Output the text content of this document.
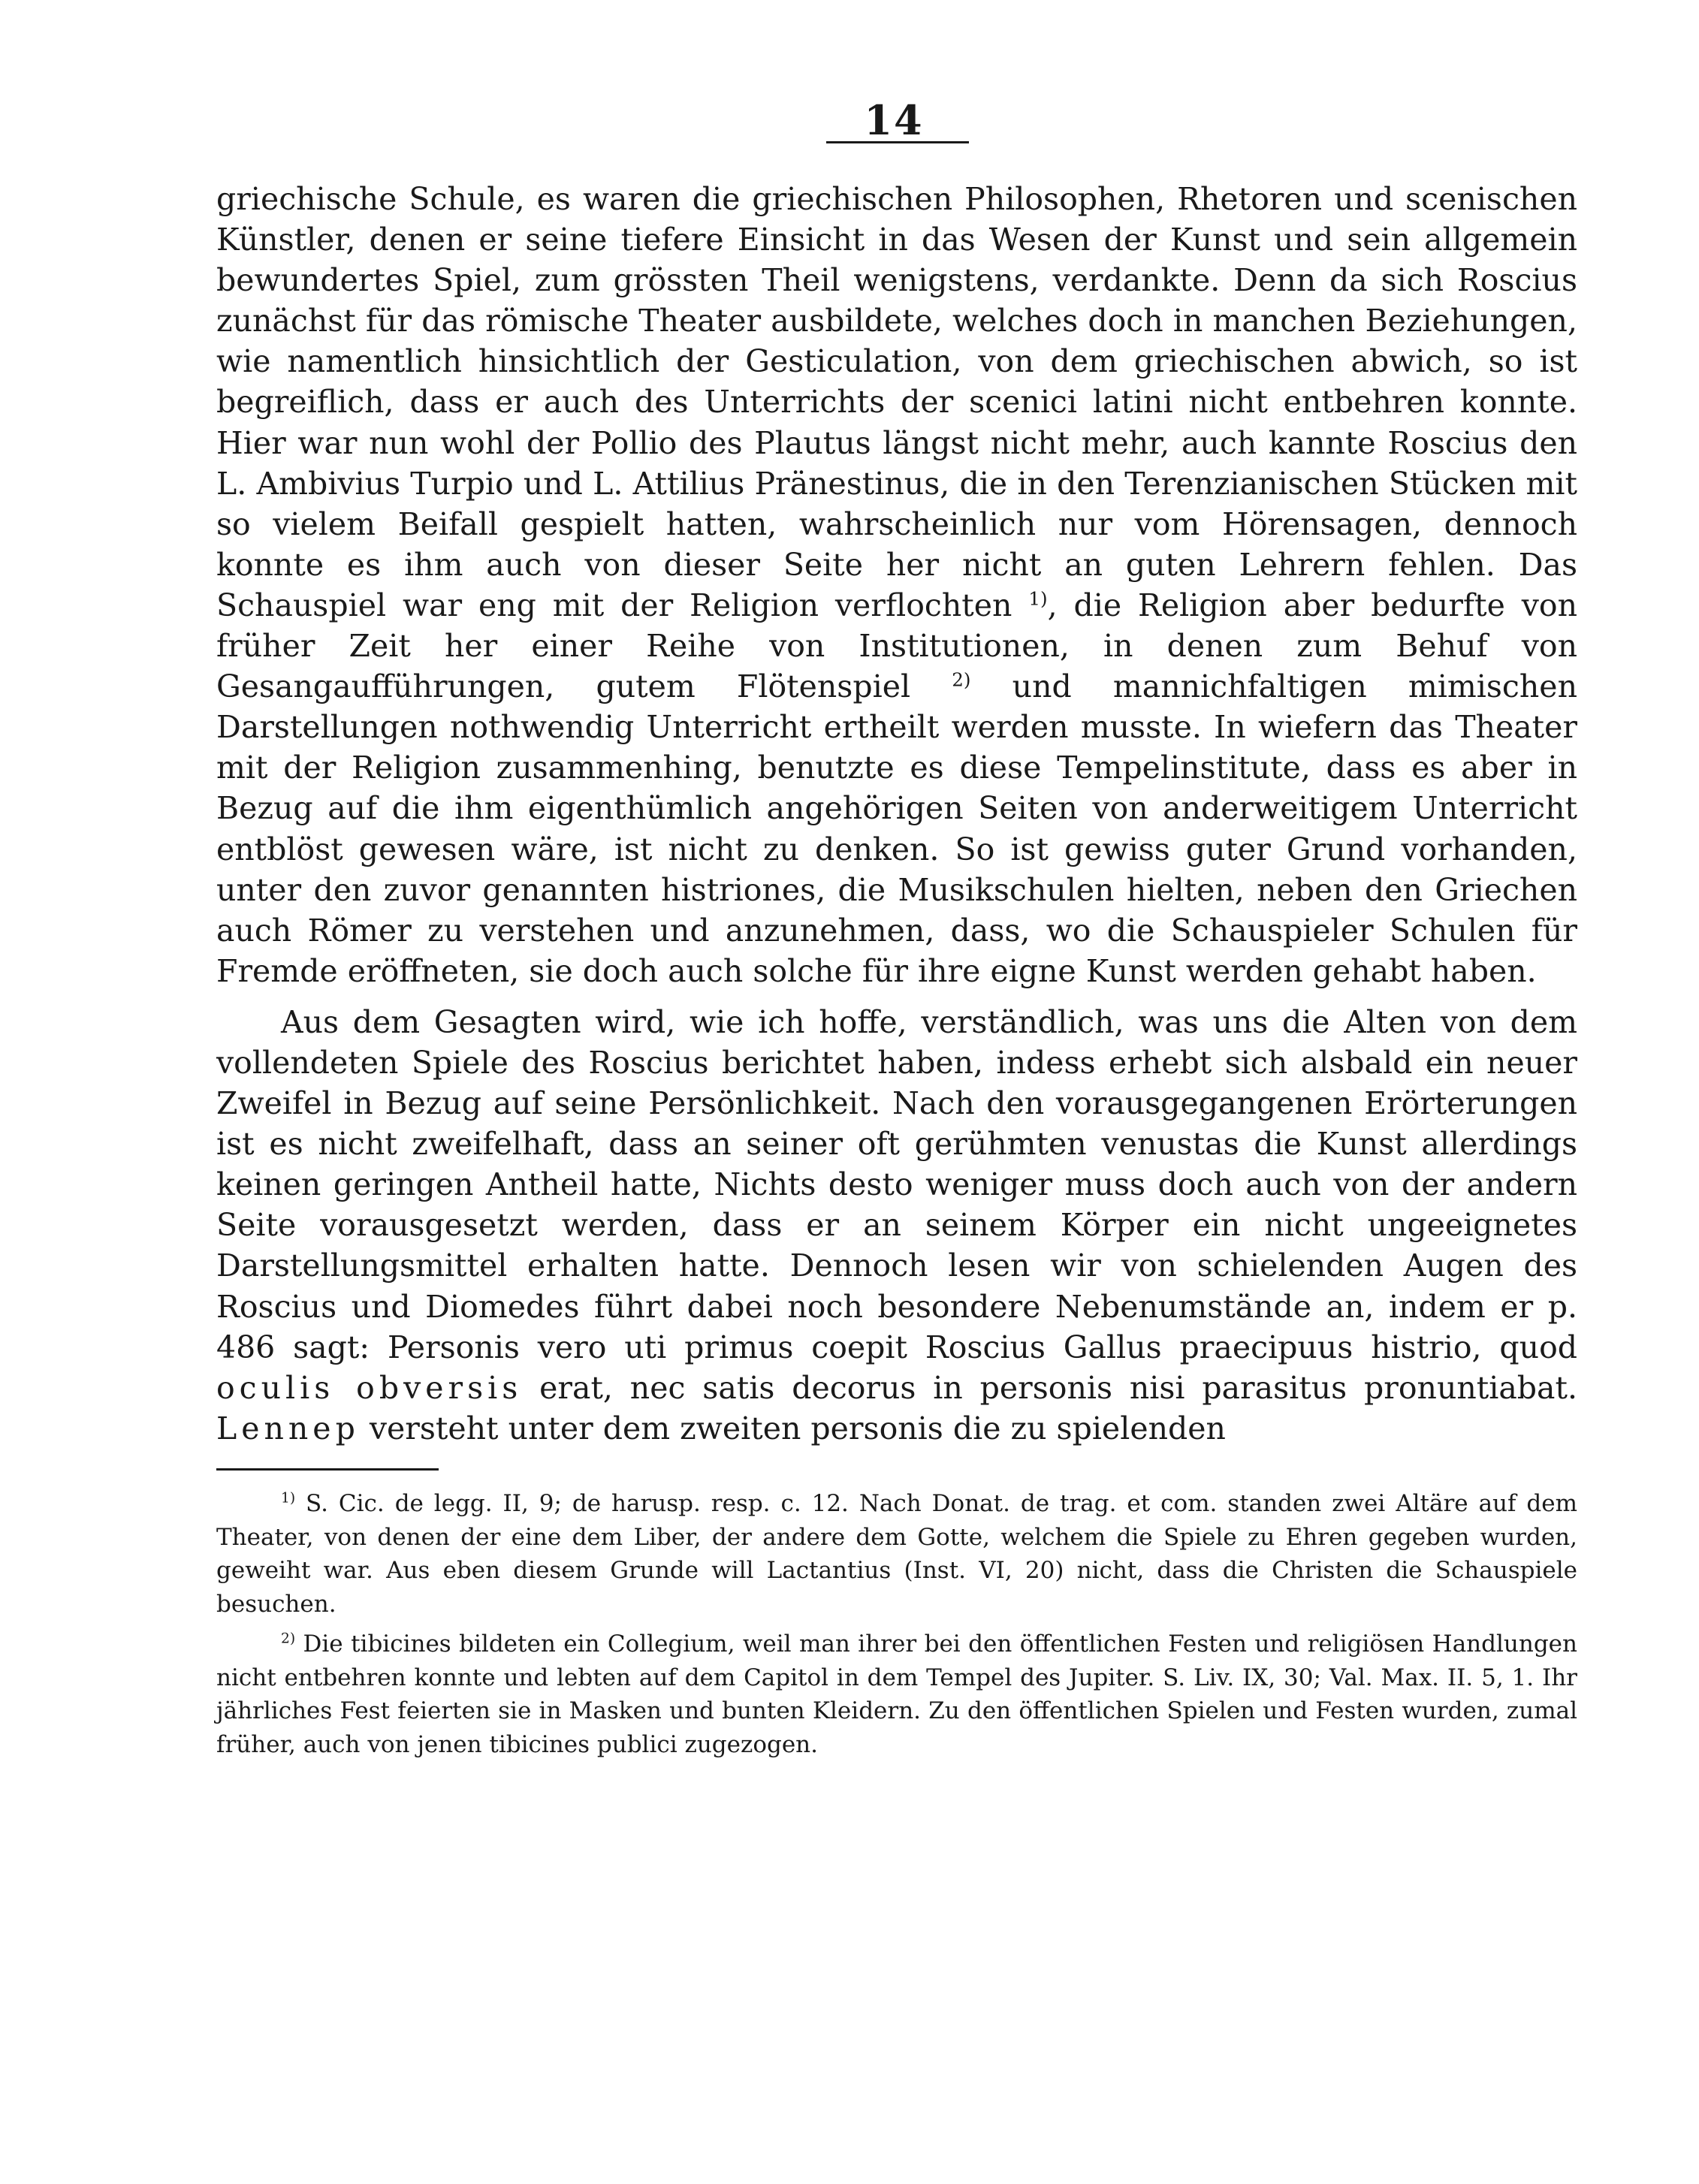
14

griechische Schule, es waren die griechischen Philosophen, Rhetoren und scenischen Künstler, denen er seine tiefere Einsicht in das Wesen der Kunst und sein allgemein bewundertes Spiel, zum grössten Theil wenigstens, verdankte. Denn da sich Roscius zunächst für das römische Theater ausbildete, welches doch in manchen Beziehungen, wie namentlich hinsichtlich der Gesticulation, von dem griechischen abwich, so ist begreiflich, dass er auch des Unterrichts der scenici latini nicht entbehren konnte. Hier war nun wohl der Pollio des Plautus längst nicht mehr, auch kannte Roscius den L. Ambivius Turpio und L. Attilius Pränestinus, die in den Terenzianischen Stücken mit so vielem Beifall gespielt hatten, wahrscheinlich nur vom Hörensagen, dennoch konnte es ihm auch von dieser Seite her nicht an guten Lehrern fehlen. Das Schauspiel war eng mit der Religion verflochten $^{1)}$, die Religion aber bedurfte von früher Zeit her einer Reihe von Institutionen, in denen zum Behuf von Gesangaufführungen, gutem Flötenspiel $^{2)}$ und mannichfaltigen mimischen Darstellungen nothwendig Unterricht ertheilt werden musste. In wiefern das Theater mit der Religion zusammenhing, benutzte es diese Tempelinstitute, dass es aber in Bezug auf die ihm eigenthümlich angehörigen Seiten von anderweitigem Unterricht entblöst gewesen wäre, ist nicht zu denken. So ist gewiss guter Grund vorhanden, unter den zuvor genannten histriones, die Musikschulen hielten, neben den Griechen auch Römer zu verstehen und anzunehmen, dass, wo die Schauspieler Schulen für Fremde eröffneten, sie doch auch solche für ihre eigne Kunst werden gehabt haben.

Aus dem Gesagten wird, wie ich hoffe, verständlich, was uns die Alten von dem vollendeten Spiele des Roscius berichtet haben, indess erhebt sich alsbald ein neuer Zweifel in Bezug auf seine Persönlichkeit. Nach den vorausgegangenen Erörterungen ist es nicht zweifelhaft, dass an seiner oft gerühmten venustas die Kunst allerdings keinen geringen Antheil hatte, Nichts desto weniger muss doch auch von der andern Seite vorausgesetzt werden, dass er an seinem Körper ein nicht ungeeignetes Darstellungsmittel erhalten hatte. Dennoch lesen wir von schielenden Augen des Roscius und Diomedes führt dabei noch besondere Nebenumstände an, indem er p. 486 sagt: Personis vero uti primus coepit Roscius Gallus praecipuus histrio, quod oculis obversis erat, nec satis decorus in personis nisi parasitus pronuntiabat. Lennep versteht unter dem zweiten personis die zu spielenden

$^{1)}$ S. Cic. de legg. II, 9; de harusp. resp. c. 12. Nach Donat. de trag. et com. standen zwei Altäre auf dem Theater, von denen der eine dem Liber, der andere dem Gotte, welchem die Spiele zu Ehren gegeben wurden, geweiht war. Aus eben diesem Grunde will Lactantius (Inst. VI, 20) nicht, dass die Christen die Schauspiele besuchen.

$^{2)}$ Die tibicines bildeten ein Collegium, weil man ihrer bei den öffentlichen Festen und religiösen Handlungen nicht entbehren konnte und lebten auf dem Capitol in dem Tempel des Jupiter. S. Liv. IX, 30; Val. Max. II. 5, 1. Ihr jährliches Fest feierten sie in Masken und bunten Kleidern. Zu den öffentlichen Spielen und Festen wurden, zumal früher, auch von jenen tibicines publici zugezogen.
